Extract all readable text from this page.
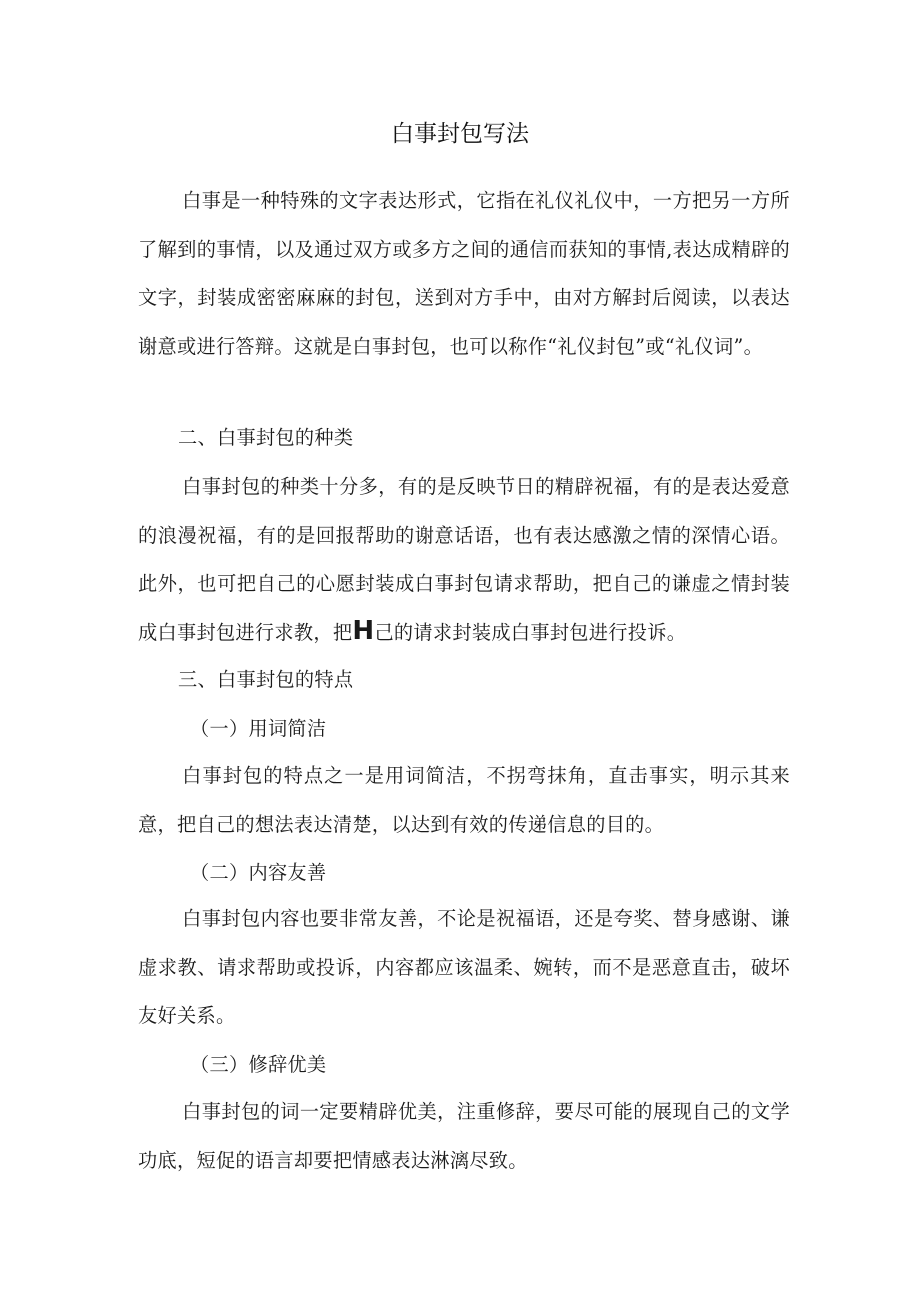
白事封包写法

白事是一种特殊的文字表达形式，它指在礼仪礼仪中，一方把另一方所了解到的事情，以及通过双方或多方之间的通信而获知的事情,表达成精辟的文字，封装成密密麻麻的封包，送到对方手中，由对方解封后阅读，以表达谢意或进行答辩。这就是白事封包，也可以称作“礼仪封包”或“礼仪词”。

二、白事封包的种类

白事封包的种类十分多，有的是反映节日的精辟祝福，有的是表达爱意的浪漫祝福，有的是回报帮助的谢意话语，也有表达感激之情的深情心语。此外，也可把自己的心愿封装成白事封包请求帮助，把自己的谦虚之情封装成白事封包进行求教，把H己的请求封装成白事封包进行投诉。

三、白事封包的特点
（一）用词简洁

白事封包的特点之一是用词简洁，不拐弯抹角，直击事实，明示其来意，把自己的想法表达清楚，以达到有效的传递信息的目的。

（二）内容友善

白事封包内容也要非常友善，不论是祝福语，还是夸奖、替身感谢、谦虚求教、请求帮助或投诉，内容都应该温柔、婉转，而不是恶意直击，破坏友好关系。

（三）修辞优美

白事封包的词一定要精辟优美，注重修辞，要尽可能的展现自己的文学功底，短促的语言却要把情感表达淋漓尽致。
